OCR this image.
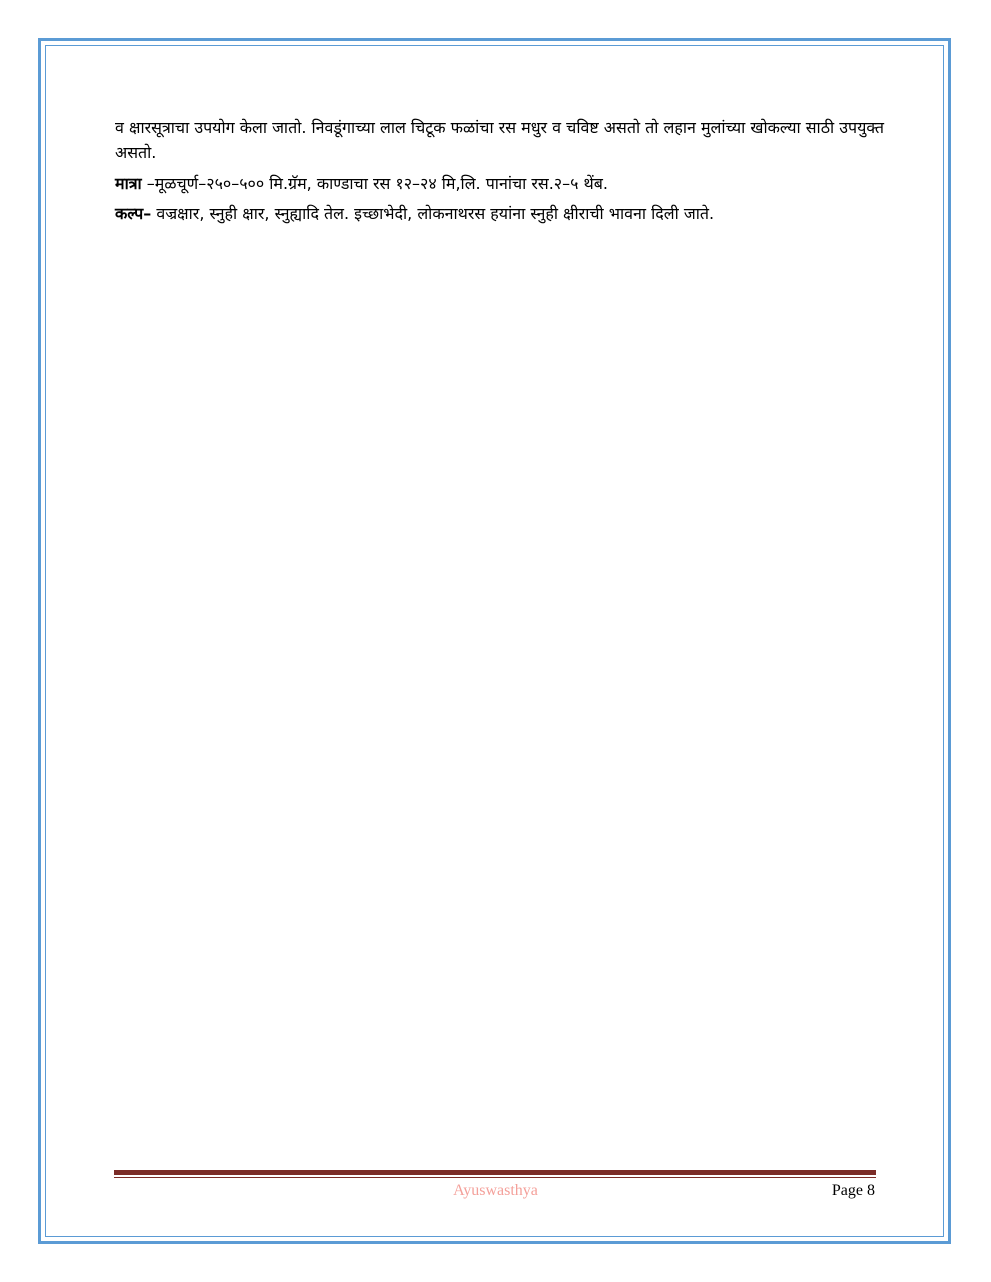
व क्षारसूत्राचा उपयोग केला जातो. निवडूंगाच्या लाल चिटूक फळांचा रस मधुर व चविष्ट असतो तो लहान मुलांच्या खोकल्या साठी उपयुक्त असतो.

मात्रा –मूळचूर्ण–२५०–५०० मि.ग्रॅम, काण्डाचा रस १२–२४ मि,लि. पानांचा रस.२–५ थेंब.

कल्प– वज्रक्षार, स्नुही क्षार, स्नुह्यादि तेल. इच्छाभेदी, लोकनाथरस हयांना स्नुही क्षीराची भावना दिली जाते.

Ayuswasthya	Page 8
